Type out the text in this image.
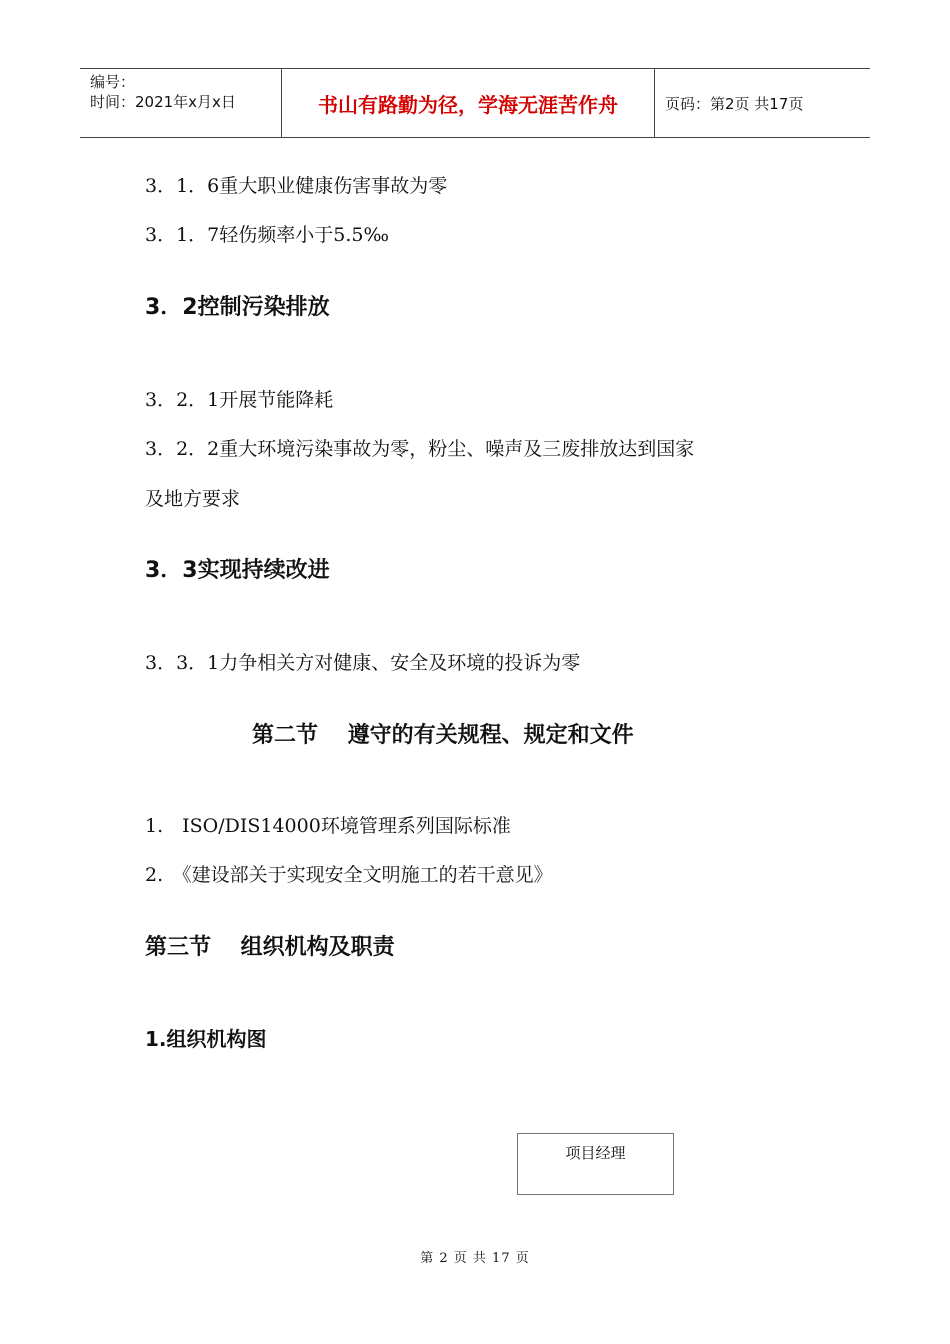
编号：
时间：2021年x月x日	书山有路勤为径，学海无涯苦作舟	页码：第2页 共17页
3．1．6重大职业健康伤害事故为零
3．1．7轻伤频率小于5.5‰
3．2控制污染排放
3．2．1开展节能降耗
3．2．2重大环境污染事故为零，粉尘、噪声及三废排放达到国家
及地方要求
3．3实现持续改进
3．3．1力争相关方对健康、安全及环境的投诉为零
第二节　 遵守的有关规程、规定和文件
1.　ISO/DIS14000环境管理系列国际标准
2.　《建设部关于实现安全文明施工的若干意见》
第三节　 组织机构及职责
1.组织机构图
项目经理
第 2 页 共 17 页
